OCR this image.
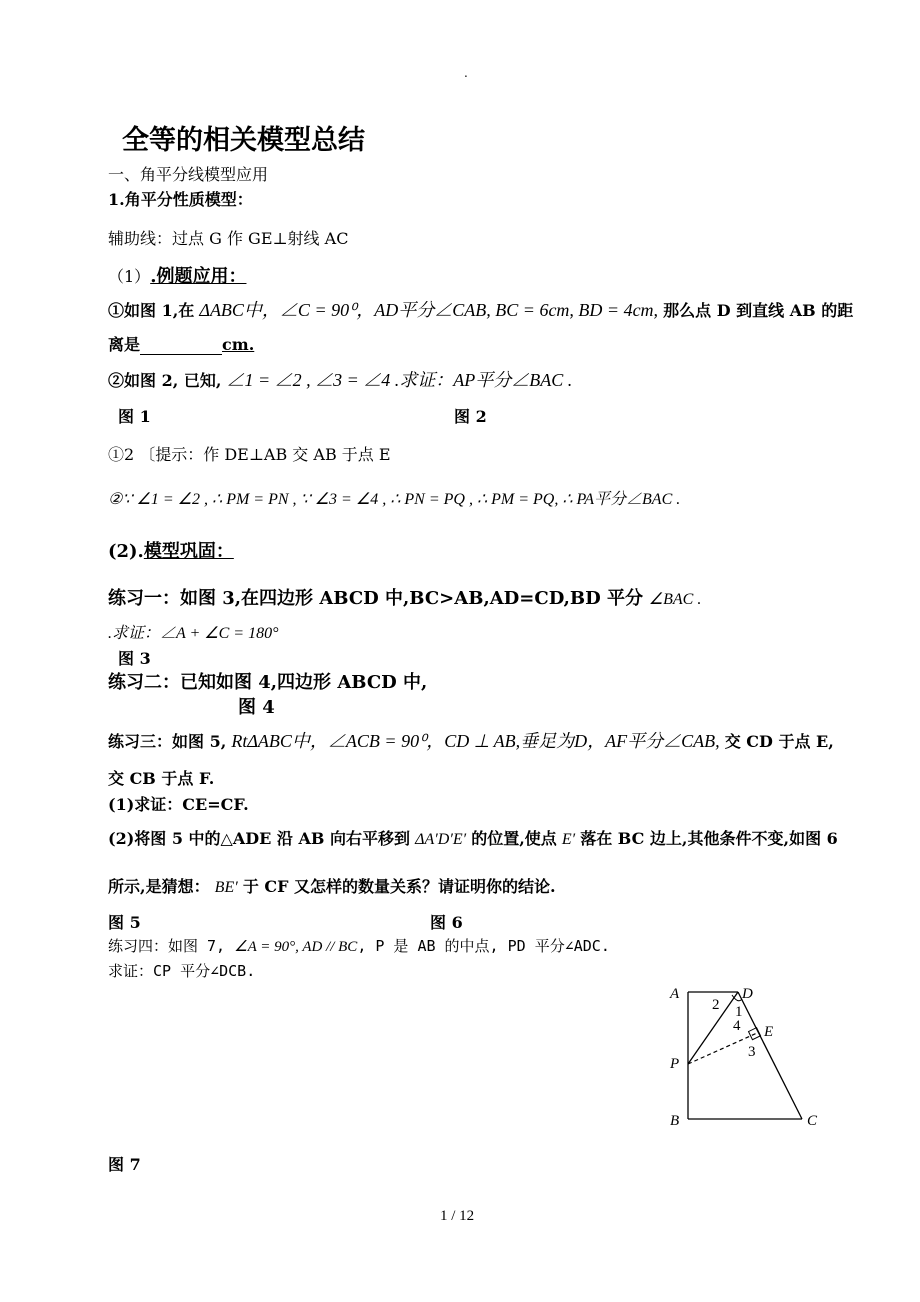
.
全等的相关模型总结
一、角平分线模型应用
1.角平分性质模型：
辅助线：过点 G 作 GE⊥射线 AC
（1）.例题应用：
①如图 1,在 ΔABC中，∠C = 90⁰，AD平分∠CAB, BC = 6cm, BD = 4cm, 那么点 D 到直线 AB 的距
离是	cm.
②如图 2, 已知, ∠1 = ∠2 , ∠3 = ∠4 .求证：AP平分∠BAC .
图 1	图 2
①2 〔提示：作 DE⊥AB 交 AB 于点 E
②∵ ∠1 = ∠2 , ∴ PM = PN , ∵ ∠3 = ∠4 , ∴ PN = PQ , ∴ PM = PQ, ∴ PA平分∠BAC .
(2).模型巩固：
练习一：如图 3,在四边形 ABCD 中,BC>AB,AD=CD,BD 平分 ∠BAC .
.求证：∠A + ∠C = 180°
图 3
练习二：已知如图 4,四边形 ABCD 中,
图 4
练习三：如图 5, RtΔABC中，∠ACB = 90⁰，CD ⊥ AB,垂足为D，AF平分∠CAB, 交 CD 于点 E,
交 CB 于点 F.
(1)求证：CE=CF.
(2)将图 5 中的△ADE 沿 AB 向右平移到 ΔA′D′E′ 的位置,使点 E′ 落在 BC 边上,其他条件不变,如图 6
所示,是猜想： BE′ 于 CF 又怎样的数量关系？请证明你的结论.
图 5	图 6
练习四：如图 7, ∠A = 90°, AD // BC, P 是 AB 的中点, PD 平分∠ADC.
求证：CP 平分∠DCB.
A	D
P
E
B	C
2 1
4
3
图 7
1 / 12
